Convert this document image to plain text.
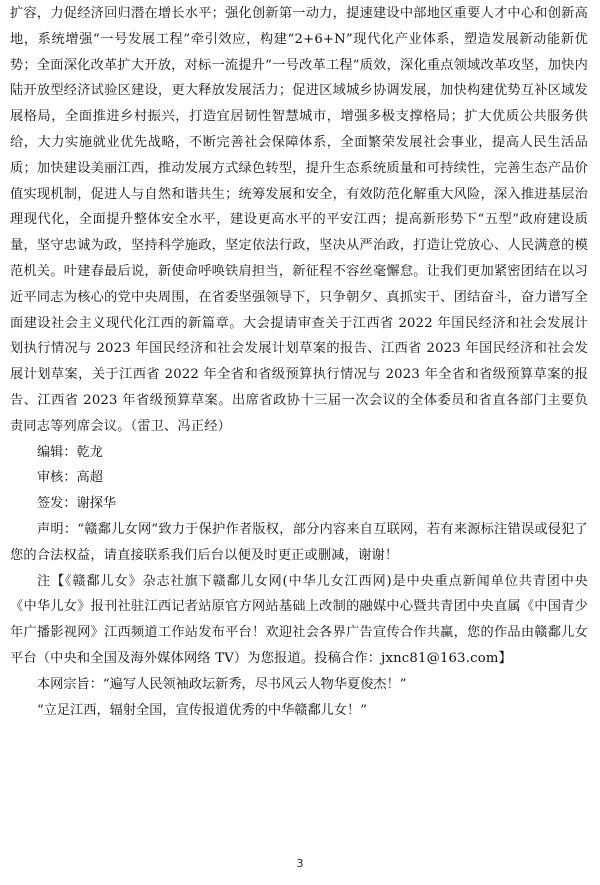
扩容，力促经济回归潜在增长水平；强化创新第一动力，提速建设中部地区重要人才中心和创新高地，系统增强“一号发展工程”牵引效应，构建“2+6+N”现代化产业体系，塑造发展新动能新优势；全面深化改革扩大开放，对标一流提升“一号改革工程”质效，深化重点领域改革攻坚，加快内陆开放型经济试验区建设，更大释放发展活力；促进区域城乡协调发展，加快构建优势互补区域发展格局，全面推进乡村振兴，打造宜居韧性智慧城市，增强多极支撑格局；扩大优质公共服务供给，大力实施就业优先战略，不断完善社会保障体系，全面繁荣发展社会事业，提高人民生活品质；加快建设美丽江西，推动发展方式绿色转型，提升生态系统质量和可持续性，完善生态产品价值实现机制，促进人与自然和谐共生；统筹发展和安全，有效防范化解重大风险，深入推进基层治理现代化，全面提升整体安全水平，建设更高水平的平安江西；提高新形势下“五型”政府建设质量，坚守忠诚为政，坚持科学施政，坚定依法行政，坚决从严治政，打造让党放心、人民满意的模范机关。叶建春最后说，新使命呼唤铁肩担当，新征程不容丝毫懈怠。让我们更加紧密团结在以习近平同志为核心的党中央周围，在省委坚强领导下，只争朝夕、真抓实干、团结奋斗，奋力谱写全面建设社会主义现代化江西的新篇章。大会提请审查关于江西省 2022 年国民经济和社会发展计划执行情况与 2023 年国民经济和社会发展计划草案的报告、江西省 2023 年国民经济和社会发展计划草案，关于江西省 2022 年全省和省级预算执行情况与 2023 年全省和省级预算草案的报告、江西省 2023 年省级预算草案。出席省政协十三届一次会议的全体委员和省直各部门主要负责同志等列席会议。（雷卫、冯正经）

编辑：乾龙

审核：高超

签发：谢探华

声明：“赣鄱儿女网”致力于保护作者版权，部分内容来自互联网，若有来源标注错误或侵犯了您的合法权益，请直接联系我们后台以便及时更正或删减，谢谢！

注【《赣鄱儿女》杂志社旗下赣鄱儿女网(中华儿女江西网)是中央重点新闻单位共青团中央《中华儿女》报刊社驻江西记者站原官方网站基础上改制的融媒中心暨共青团中央直属《中国青少年广播影视网》江西频道工作站发布平台！欢迎社会各界广告宣传合作共赢，您的作品由赣鄱儿女平台（中央和全国及海外媒体网络 TV）为您报道。投稿合作：jxnc81@163.com】

本网宗旨：“遍写人民领袖政坛新秀，尽书风云人物华夏俊杰！”

“立足江西，辐射全国，宣传报道优秀的中华赣鄱儿女！”

3
